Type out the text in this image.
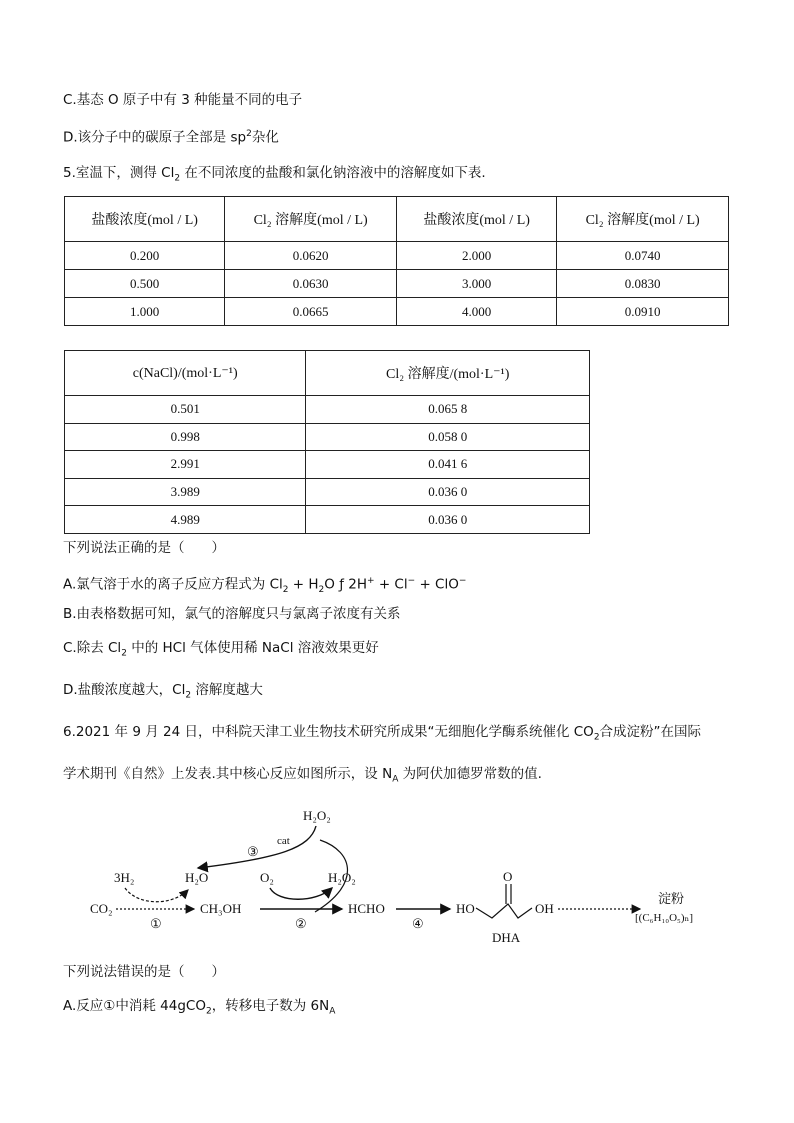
C.基态 O 原子中有 3 种能量不同的电子
D.该分子中的碳原子全部是 $sp^2$杂化
5.室温下，测得 $Cl_2$ 在不同浓度的盐酸和氯化钠溶液中的溶解度如下表.
盐酸浓度(mol / L)	Cl₂ 溶解度(mol / L)	盐酸浓度(mol / L)	Cl₂ 溶解度(mol / L)
0.200	0.0620	2.000	0.0740
0.500	0.0630	3.000	0.0830
1.000	0.0665	4.000	0.0910
c(NaCl)/(mol·L⁻¹)	Cl₂ 溶解度/(mol·L⁻¹)
0.501	0.065 8
0.998	0.058 0
2.991	0.041 6
3.989	0.036 0
4.989	0.036 0
下列说法正确的是（　　）
A.氯气溶于水的离子反应方程式为 $Cl_2 + H_2O$ ƒ 2H+ + Cl− + ClO−
B.由表格数据可知，氯气的溶解度只与氯离子浓度有关系
C.除去 $Cl_2$ 中的 HCl 气体使用稀 NaCl 溶液效果更好
D.盐酸浓度越大，$Cl_2$ 溶解度越大
6.2021 年 9 月 24 日，中科院天津工业生物技术研究所成果“无细胞化学酶系统催化 $CO_2$合成淀粉”在国际
学术期刊《自然》上发表.其中核心反应如图所示，设 $N_A$ 为阿伏加德罗常数的值.
H₂O₂
cat
③
3H₂	H₂O	O₂	H₂O₂
CO₂
①
CH₃OH
②
HCHO
④
HO
O
OH
DHA
淀粉
[(C₆H₁₀O₅)ₙ]
下列说法错误的是（　　）
A.反应①中消耗 44gCO$_2$，转移电子数为 $6N_A$
